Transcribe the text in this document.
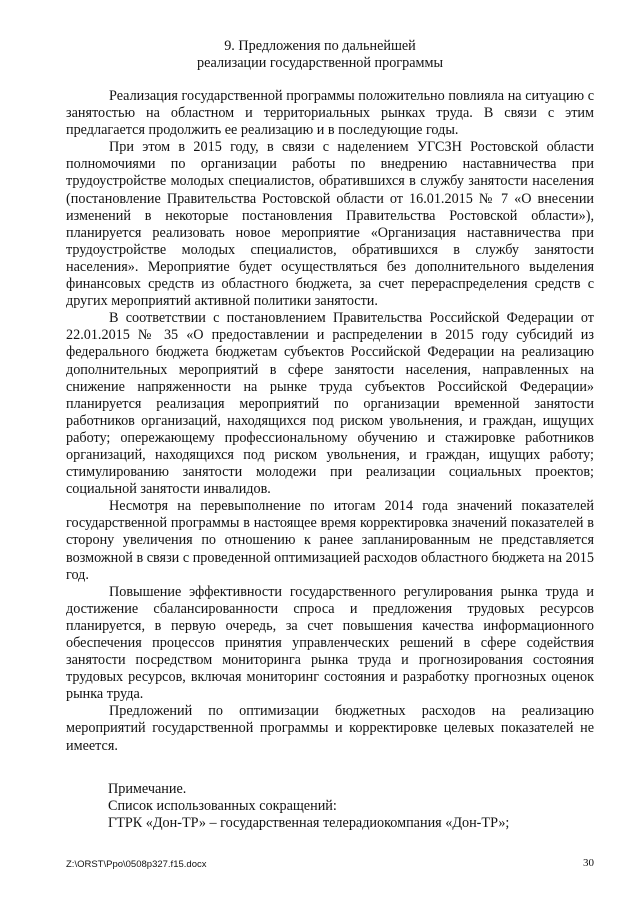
9. Предложения по дальнейшей
реализации государственной программы

Реализация государственной программы положительно повлияла на ситуацию с занятостью на областном и территориальных рынках труда. В связи с этим предлагается продолжить ее реализацию и в последующие годы.

При этом в 2015 году, в связи с наделением УГСЗН Ростовской области полномочиями по организации работы по внедрению наставничества при трудоустройстве молодых специалистов, обратившихся в службу занятости населения (постановление Правительства Ростовской области от 16.01.2015 № 7 «О внесении изменений в некоторые постановления Правительства Ростовской области»), планируется реализовать новое мероприятие «Организация наставничества при трудоустройстве молодых специалистов, обратившихся в службу занятости населения». Мероприятие будет осуществляться без дополнительного выделения финансовых средств из областного бюджета, за счет перераспределения средств с других мероприятий активной политики занятости.

В соответствии с постановлением Правительства Российской Федерации от 22.01.2015 № 35 «О предоставлении и распределении в 2015 году субсидий из федерального бюджета бюджетам субъектов Российской Федерации на реализацию дополнительных мероприятий в сфере занятости населения, направленных на снижение напряженности на рынке труда субъектов Российской Федерации» планируется реализация мероприятий по организации временной занятости работников организаций, находящихся под риском увольнения, и граждан, ищущих работу; опережающему профессиональному обучению и стажировке работников организаций, находящихся под риском увольнения, и граждан, ищущих работу; стимулированию занятости молодежи при реализации социальных проектов; социальной занятости инвалидов.

Несмотря на перевыполнение по итогам 2014 года значений показателей государственной программы в настоящее время корректировка значений показателей в сторону увеличения по отношению к ранее запланированным не представляется возможной в связи с проведенной оптимизацией расходов областного бюджета на 2015 год.

Повышение эффективности государственного регулирования рынка труда и достижение сбалансированности спроса и предложения трудовых ресурсов планируется, в первую очередь, за счет повышения качества информационного обеспечения процессов принятия управленческих решений в сфере содействия занятости посредством мониторинга рынка труда и прогнозирования состояния трудовых ресурсов, включая мониторинг состояния и разработку прогнозных оценок рынка труда.

Предложений по оптимизации бюджетных расходов на реализацию мероприятий государственной программы и корректировке целевых показателей не имеется.

Примечание.
Список использованных сокращений:
ГТРК «Дон-ТР» – государственная телерадиокомпания «Дон-ТР»;
Z:\ORST\Ppo\0508p327.f15.docx	30
